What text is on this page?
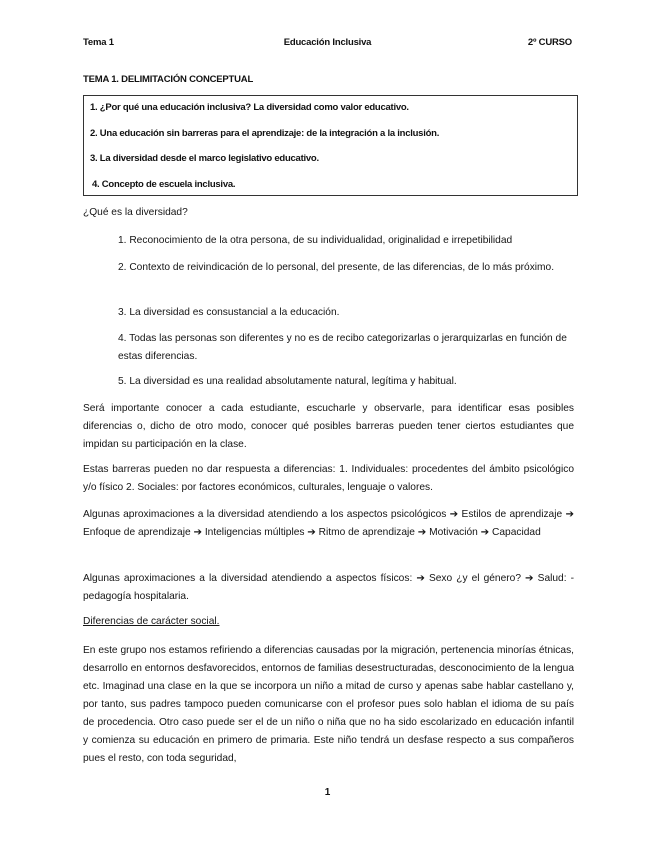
Tema 1	Educación Inclusiva	2º CURSO
TEMA 1. DELIMITACIÓN CONCEPTUAL
1. ¿Por qué una educación inclusiva? La diversidad como valor educativo.
2. Una educación sin barreras para el aprendizaje: de la integración a la inclusión.
3. La diversidad desde el marco legislativo educativo.
4. Concepto de escuela inclusiva.
¿Qué es la diversidad?
1. Reconocimiento de la otra persona, de su individualidad, originalidad e irrepetibilidad
2. Contexto de reivindicación de lo personal, del presente, de las diferencias, de lo más próximo.
3. La diversidad es consustancial a la educación.
4. Todas las personas son diferentes y no es de recibo categorizarlas o jerarquizarlas en función de estas diferencias.
5. La diversidad es una realidad absolutamente natural, legítima y habitual.
Será importante conocer a cada estudiante, escucharle y observarle, para identificar esas posibles diferencias o, dicho de otro modo, conocer qué posibles barreras pueden tener ciertos estudiantes que impidan su participación en la clase.
Estas barreras pueden no dar respuesta a diferencias: 1. Individuales: procedentes del ámbito psicológico y/o físico 2. Sociales: por factores económicos, culturales, lenguaje o valores.
Algunas aproximaciones a la diversidad atendiendo a los aspectos psicológicos ➔ Estilos de aprendizaje ➔ Enfoque de aprendizaje ➔ Inteligencias múltiples ➔ Ritmo de aprendizaje ➔ Motivación ➔ Capacidad
Algunas aproximaciones a la diversidad atendiendo a aspectos físicos: ➔ Sexo ¿y el género? ➔ Salud: - pedagogía hospitalaria.
Diferencias de carácter social.
En este grupo nos estamos refiriendo a diferencias causadas por la migración, pertenencia minorías étnicas, desarrollo en entornos desfavorecidos, entornos de familias desestructuradas, desconocimiento de la lengua etc. Imaginad una clase en la que se incorpora un niño a mitad de curso y apenas sabe hablar castellano y, por tanto, sus padres tampoco pueden comunicarse con el profesor pues solo hablan el idioma de su país de procedencia. Otro caso puede ser el de un niño o niña que no ha sido escolarizado en educación infantil y comienza su educación en primero de primaria. Este niño tendrá un desfase respecto a sus compañeros pues el resto, con toda seguridad,
1
